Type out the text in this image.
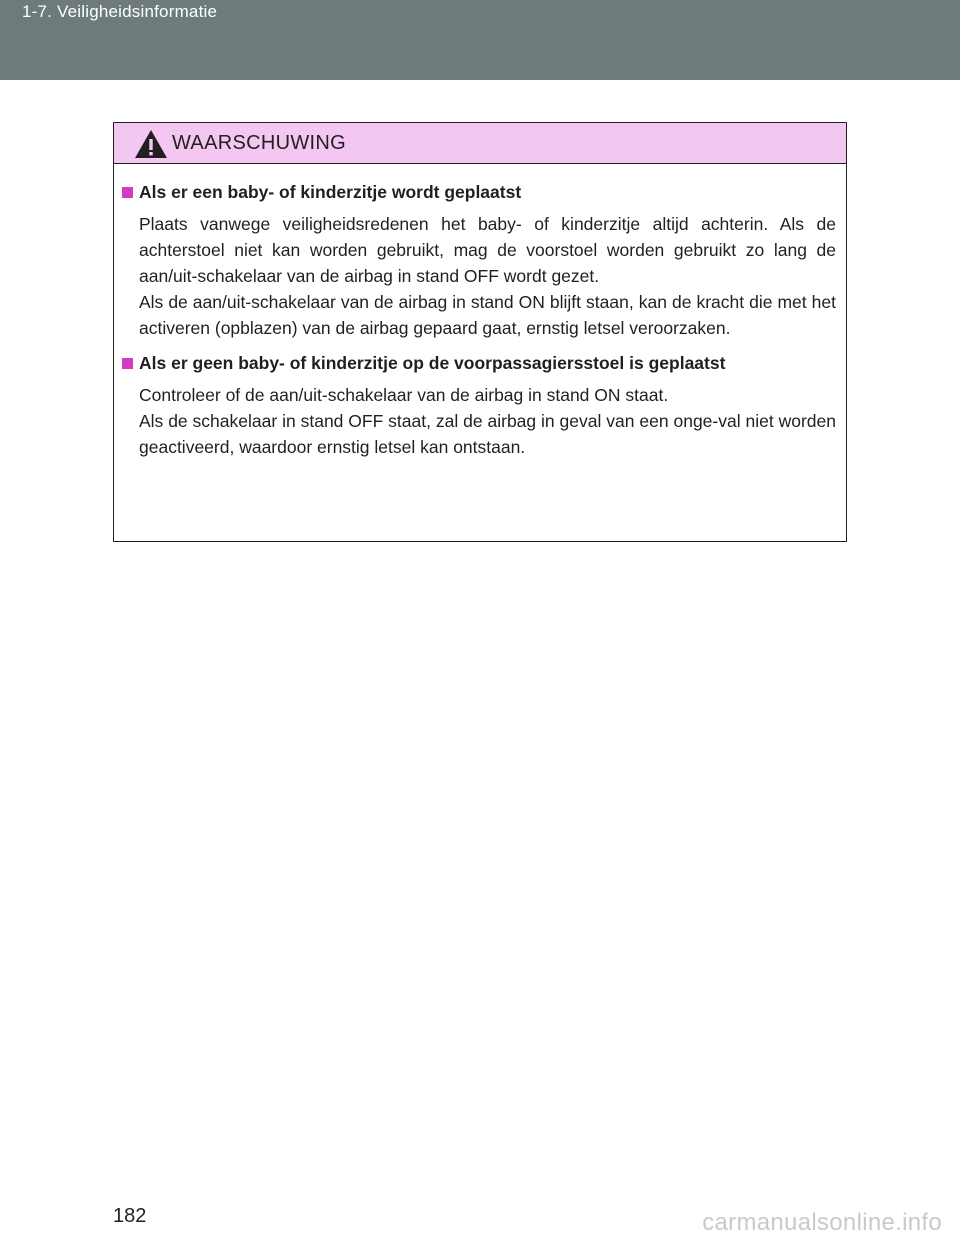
1-7. Veiligheidsinformatie
WAARSCHUWING
Als er een baby- of kinderzitje wordt geplaatst

Plaats vanwege veiligheidsredenen het baby- of kinderzitje altijd achterin. Als de achterstoel niet kan worden gebruikt, mag de voorstoel worden gebruikt zo lang de aan/uit-schakelaar van de airbag in stand OFF wordt gezet.

Als de aan/uit-schakelaar van de airbag in stand ON blijft staan, kan de kracht die met het activeren (opblazen) van de airbag gepaard gaat, ernstig letsel veroorzaken.

Als er geen baby- of kinderzitje op de voorpassagiersstoel is geplaatst

Controleer of de aan/uit-schakelaar van de airbag in stand ON staat.

Als de schakelaar in stand OFF staat, zal de airbag in geval van een onge-val niet worden geactiveerd, waardoor ernstig letsel kan ontstaan.

182	carmanualsonline.info
